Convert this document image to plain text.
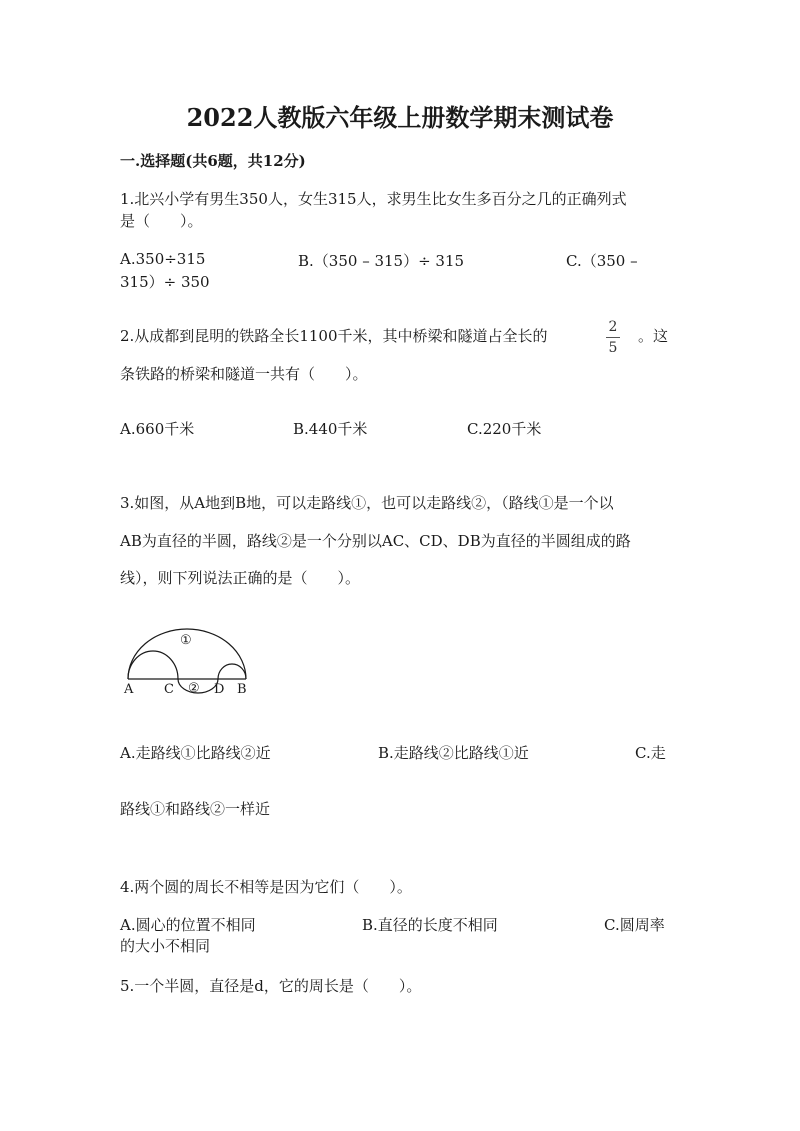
2022人教版六年级上册数学期末测试卷
一.选择题(共6题，共12分)
1.北兴小学有男生350人，女生315人，求男生比女生多百分之几的正确列式
是（　　）。
A.350÷315	B.（350 – 315）÷ 315	C.（350 –
315）÷ 350
2.从成都到昆明的铁路全长1100千米，其中桥梁和隧道占全长的	2
5
。这
条铁路的桥梁和隧道一共有（　　）。
A.660千米	B.440千米	C.220千米
3.如图，从A地到B地，可以走路线①，也可以走路线②，（路线①是一个以
AB为直径的半圆，路线②是一个分别以AC、CD、DB为直径的半圆组成的路
线），则下列说法正确的是（　　）。
①
②
A C	D B
A.走路线①比路线②近	B.走路线②比路线①近	C.走
路线①和路线②一样近
4.两个圆的周长不相等是因为它们（　　）。
A.圆心的位置不相同	B.直径的长度不相同	C.圆周率
的大小不相同
5.一个半圆，直径是d，它的周长是（　　）。
